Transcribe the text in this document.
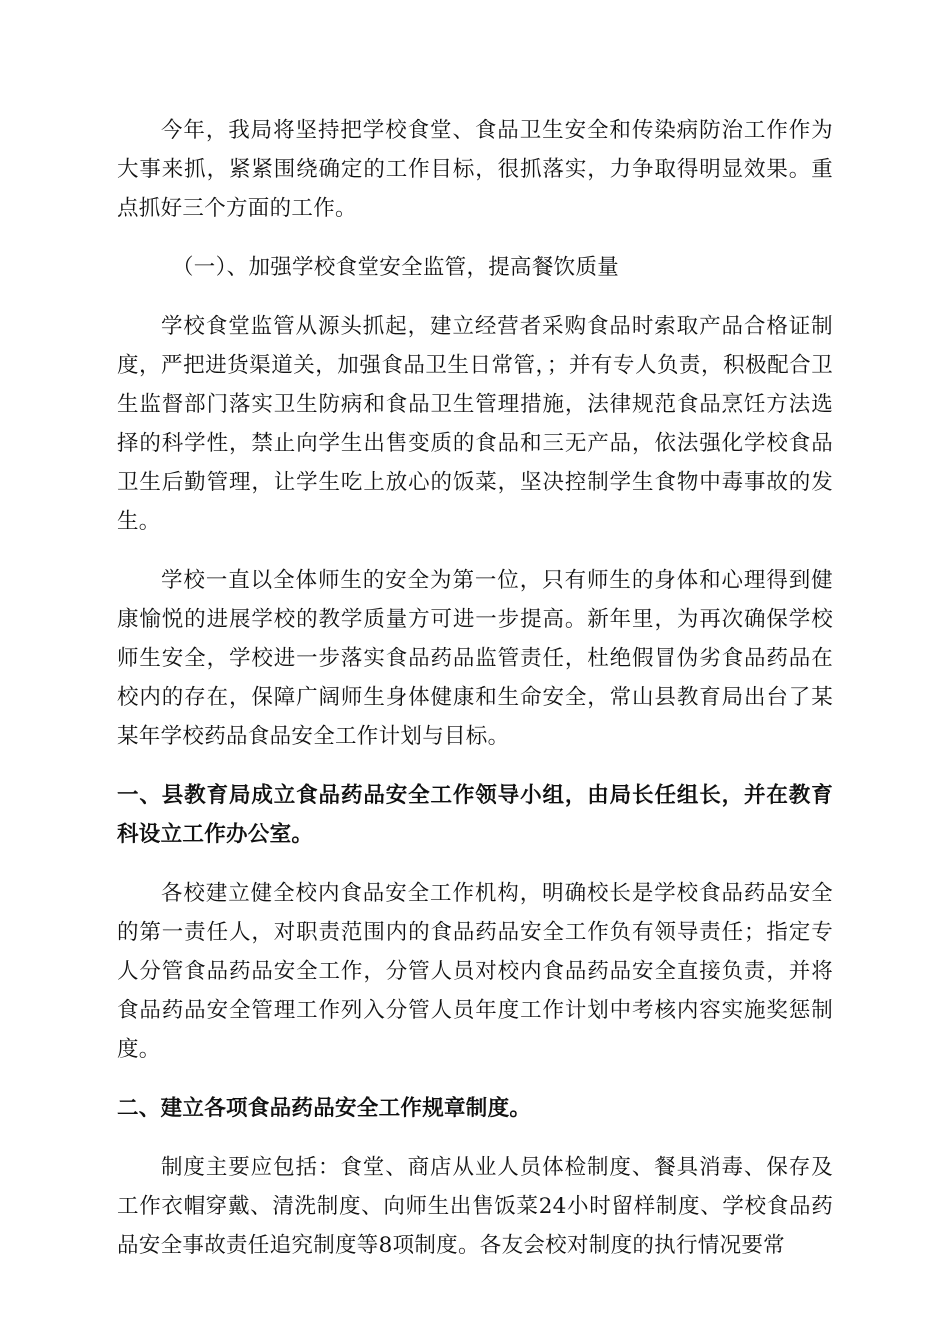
今年，我局将坚持把学校食堂、食品卫生安全和传染病防治工作作为大事来抓，紧紧围绕确定的工作目标，很抓落实，力争取得明显效果。重点抓好三个方面的工作。

（一）、加强学校食堂安全监管，提高餐饮质量

学校食堂监管从源头抓起，建立经营者采购食品时索取产品合格证制度，严把进货渠道关，加强食品卫生日常管，；并有专人负责，积极配合卫生监督部门落实卫生防病和食品卫生管理措施，法律规范食品烹饪方法选择的科学性，禁止向学生出售变质的食品和三无产品，依法强化学校食品卫生后勤管理，让学生吃上放心的饭菜，坚决控制学生食物中毒事故的发生。

学校一直以全体师生的安全为第一位，只有师生的身体和心理得到健康愉悦的进展学校的教学质量方可进一步提高。新年里，为再次确保学校师生安全，学校进一步落实食品药品监管责任，杜绝假冒伪劣食品药品在校内的存在，保障广阔师生身体健康和生命安全，常山县教育局出台了某某年学校药品食品安全工作计划与目标。

一、县教育局成立食品药品安全工作领导小组，由局长任组长，并在教育科设立工作办公室。

各校建立健全校内食品安全工作机构，明确校长是学校食品药品安全的第一责任人，对职责范围内的食品药品安全工作负有领导责任；指定专人分管食品药品安全工作，分管人员对校内食品药品安全直接负责，并将食品药品安全管理工作列入分管人员年度工作计划中考核内容实施奖惩制度。

二、建立各项食品药品安全工作规章制度。

制度主要应包括：食堂、商店从业人员体检制度、餐具消毒、保存及工作衣帽穿戴、清洗制度、向师生出售饭菜24小时留样制度、学校食品药品安全事故责任追究制度等8项制度。各友会校对制度的执行情况要常
